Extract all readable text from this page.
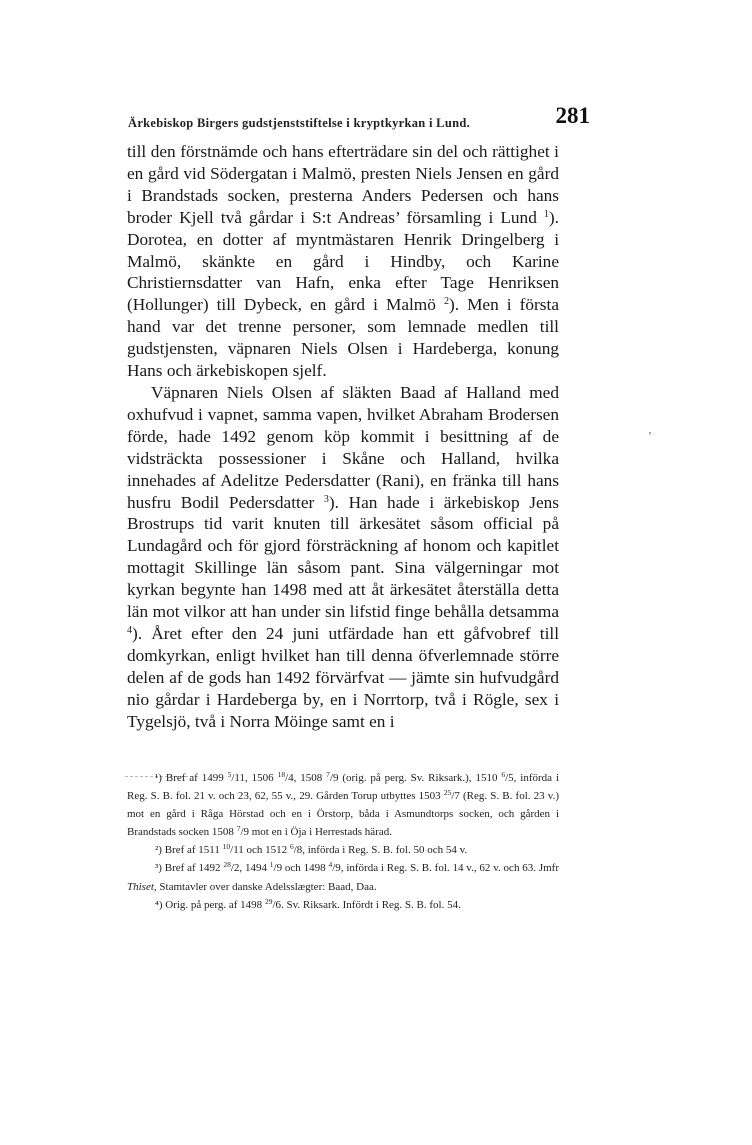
Ärkebiskop Birgers gudstjenststiftelse i kryptkyrkan i Lund.	281

till den förstnämde och hans efterträdare sin del och rättighet i en gård vid Södergatan i Malmö, presten Niels Jensen en gård i Brandstads socken, presterna Anders Pedersen och hans broder Kjell två gårdar i S:t Andreas’ församling i Lund $^1$). Dorotea, en dotter af myntmästaren Henrik Dringelberg i Malmö, skänkte en gård i Hindby, och Karine Christiernsdatter van Hafn, enka efter Tage Henriksen (Hollunger) till Dybeck, en gård i Malmö $^2$). Men i första hand var det trenne personer, som lemnade medlen till gudstjensten, väpnaren Niels Olsen i Hardeberga, konung Hans och ärkebiskopen sjelf.

Väpnaren Niels Olsen af släkten Baad af Halland med oxhufvud i vapnet, samma vapen, hvilket Abraham Brodersen förde, hade 1492 genom köp kommit i besittning af de vidsträckta possessioner i Skåne och Halland, hvilka innehades af Adelitze Pedersdatter (Rani), en fränka till hans husfru Bodil Pedersdatter $^3$). Han hade i ärkebiskop Jens Brostrups tid varit knuten till ärkesätet såsom official på Lundagård och för gjord försträckning af honom och kapitlet mottagit Skillinge län såsom pant. Sina välgerningar mot kyrkan begynte han 1498 med att åt ärkesätet återställa detta län mot vilkor att han under sin lifstid finge behålla detsamma $^4$). Året efter den 24 juni utfärdade han ett gåfvobref till domkyrkan, enligt hvilket han till denna öfverlemnade större delen af de gods han 1492 förvärfvat — jämte sin hufvudgård nio gårdar i Hardeberga by, en i Norrtorp, två i Rögle, sex i Tygelsjö, två i Norra Möinge samt en i

‚

¹) Bref af 1499 $^5$/11, 1506 $^{18}$/4, 1508 $^7$/9 (orig. på perg. Sv. Riksark.), 1510 $^6$/5, införda i Reg. S. B. fol. 21 v. och 23, 62, 55 v., 29. Gården Torup utbyttes 1503 $^{25}$/7 (Reg. S. B. fol. 23 v.) mot en gård i Råga Hörstad och en i Örstorp, båda i Asmundtorps socken, och gården i Brandstads socken 1508 $^7$/9 mot en i Öja i Herrestads härad.

²) Bref af 1511 $^{10}$/11 och 1512 $^6$/8, införda i Reg. S. B. fol. 50 och 54 v.

³) Bref af 1492 $^{28}$/2, 1494 $^1$/9 och 1498 $^4$/9, införda i Reg. S. B. fol. 14 v., 62 v. och 63. Jmfr Thiset, Stamtavler over danske Adelsslægter: Baad, Daa.

⁴) Orig. på perg. af 1498 $^{29}$/6. Sv. Riksark. Infördt i Reg. S. B. fol. 54.
